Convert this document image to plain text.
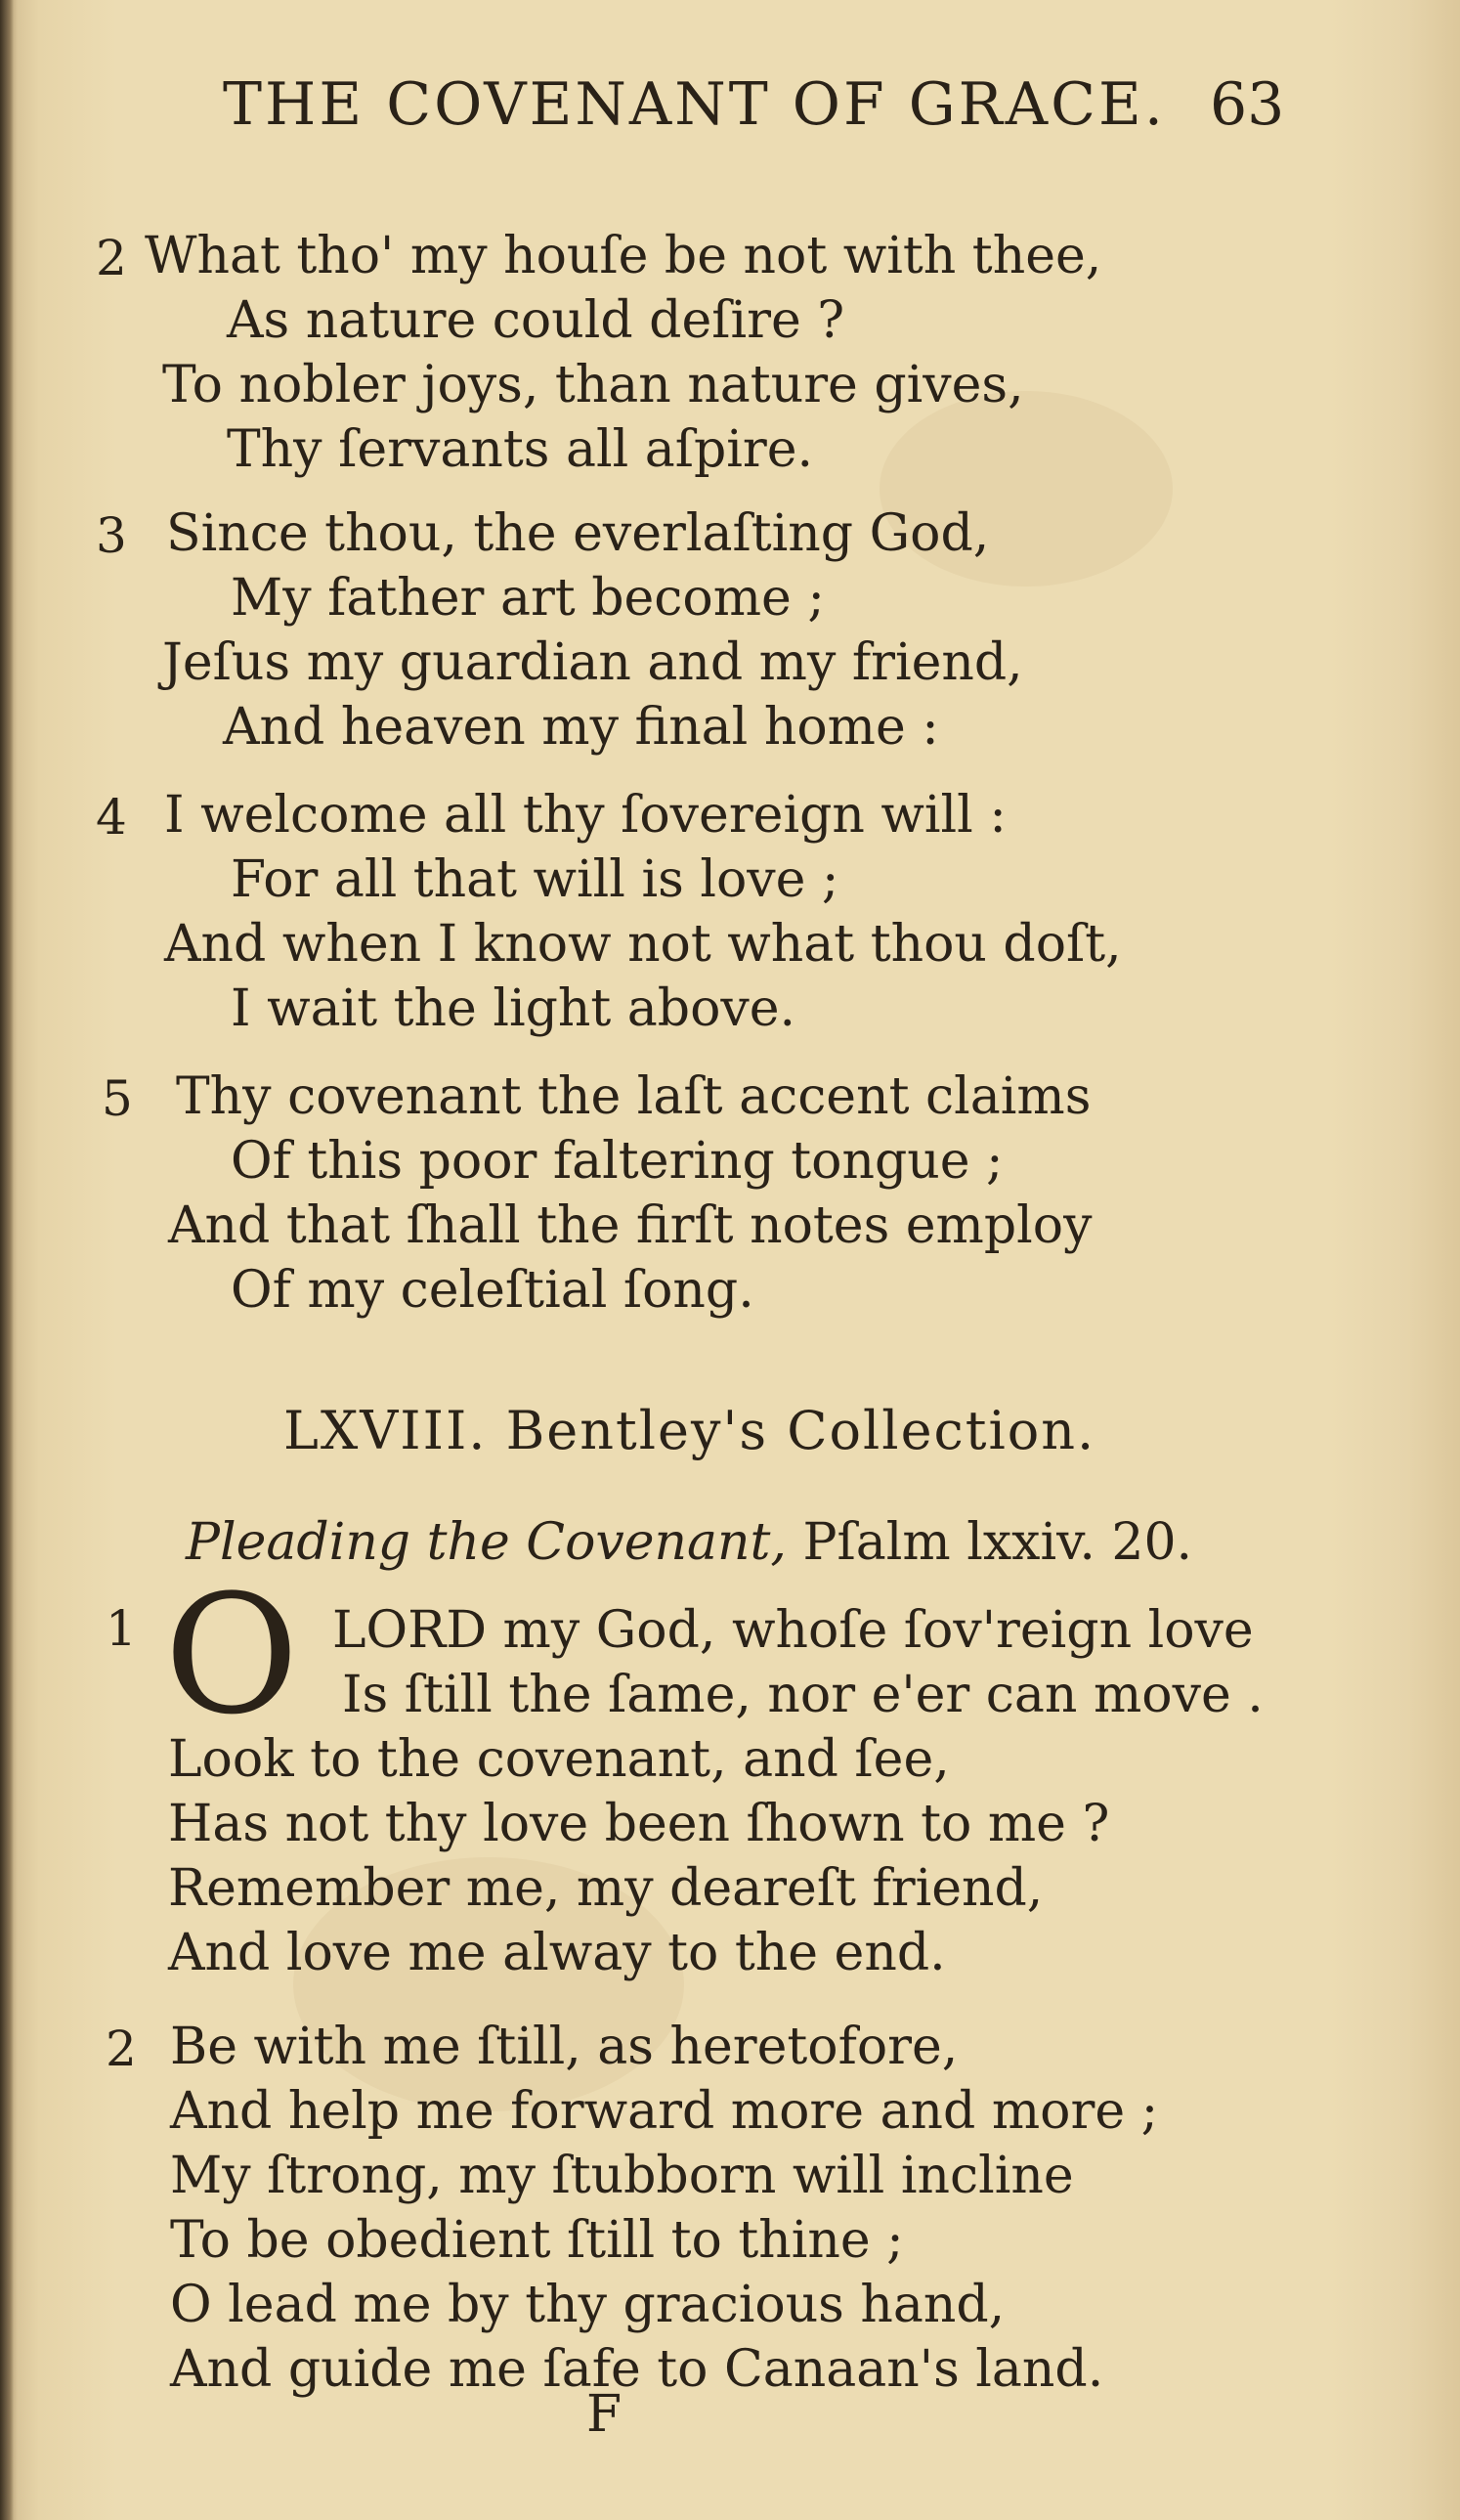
THE COVENANT OF GRACE. 63
2 What tho' my houſe be not with thee,
As nature could deſire ?
To nobler joys, than nature gives,
Thy ſervants all aſpire.
3 Since thou, the everlaſting God,
My father art become ;
Jeſus my guardian and my friend,
And heaven my final home :
4 I welcome all thy ſovereign will :
For all that will is love ;
And when I know not what thou doſt,
I wait the light above.
5 Thy covenant the laſt accent claims
Of this poor faltering tongue ;
And that ſhall the firſt notes employ
Of my celeſtial ſong.
LXVIII. Bentley's Collection.
Pleading the Covenant, Pſalm lxxiv. 20.
1 O LORD my God, whoſe ſov'reign love
Is ſtill the ſame, nor e'er can move .
Look to the covenant, and ſee,
Has not thy love been ſhown to me ?
Remember me, my deareſt friend,
And love me alway to the end.
2 Be with me ſtill, as heretofore,
And help me forward more and more ;
My ſtrong, my ſtubborn will incline
To be obedient ſtill to thine ;
O lead me by thy gracious hand,
And guide me ſafe to Canaan's land.
F
